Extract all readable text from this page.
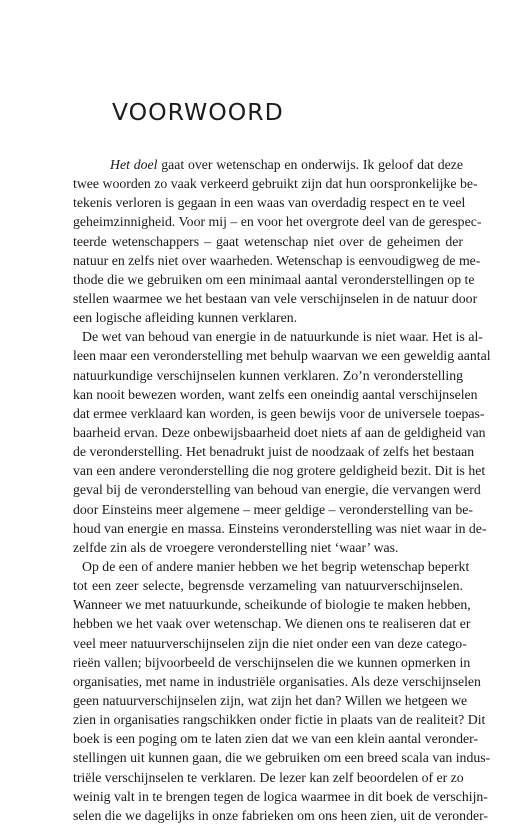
VOORWOORD
Het doel gaat over wetenschap en onderwijs. Ik geloof dat deze
twee woorden zo vaak verkeerd gebruikt zijn dat hun oorspronkelijke be-
tekenis verloren is gegaan in een waas van overdadig respect en te veel
geheimzinnigheid. Voor mij – en voor het overgrote deel van de gerespec-
teerde wetenschappers – gaat wetenschap niet over de geheimen der
natuur en zelfs niet over waarheden. Wetenschap is eenvoudigweg de me-
thode die we gebruiken om een minimaal aantal veronderstellingen op te
stellen waarmee we het bestaan van vele verschijnselen in de natuur door
een logische afleiding kunnen verklaren.
De wet van behoud van energie in de natuurkunde is niet waar. Het is al-
leen maar een veronderstelling met behulp waarvan we een geweldig aantal
natuurkundige verschijnselen kunnen verklaren. Zo’n veronderstelling
kan nooit bewezen worden, want zelfs een oneindig aantal verschijnselen
dat ermee verklaard kan worden, is geen bewijs voor de universele toepas-
baarheid ervan. Deze onbewijsbaarheid doet niets af aan de geldigheid van
de veronderstelling. Het benadrukt juist de noodzaak of zelfs het bestaan
van een andere veronderstelling die nog grotere geldigheid bezit. Dit is het
geval bij de veronderstelling van behoud van energie, die vervangen werd
door Einsteins meer algemene – meer geldige – veronderstelling van be-
houd van energie en massa. Einsteins veronderstelling was niet waar in de-
zelfde zin als de vroegere veronderstelling niet ‘waar’ was.
Op de een of andere manier hebben we het begrip wetenschap beperkt
tot een zeer selecte, begrensde verzameling van natuurverschijnselen.
Wanneer we met natuurkunde, scheikunde of biologie te maken hebben,
hebben we het vaak over wetenschap. We dienen ons te realiseren dat er
veel meer natuurverschijnselen zijn die niet onder een van deze catego-
rieën vallen; bijvoorbeeld de verschijnselen die we kunnen opmerken in
organisaties, met name in industriële organisaties. Als deze verschijnselen
geen natuurverschijnselen zijn, wat zijn het dan? Willen we hetgeen we
zien in organisaties rangschikken onder fictie in plaats van de realiteit? Dit
boek is een poging om te laten zien dat we van een klein aantal veronder-
stellingen uit kunnen gaan, die we gebruiken om een breed scala van indus-
triële verschijnselen te verklaren. De lezer kan zelf beoordelen of er zo
weinig valt in te brengen tegen de logica waarmee in dit boek de verschijn-
selen die we dagelijks in onze fabrieken om ons heen zien, uit de veronder-
